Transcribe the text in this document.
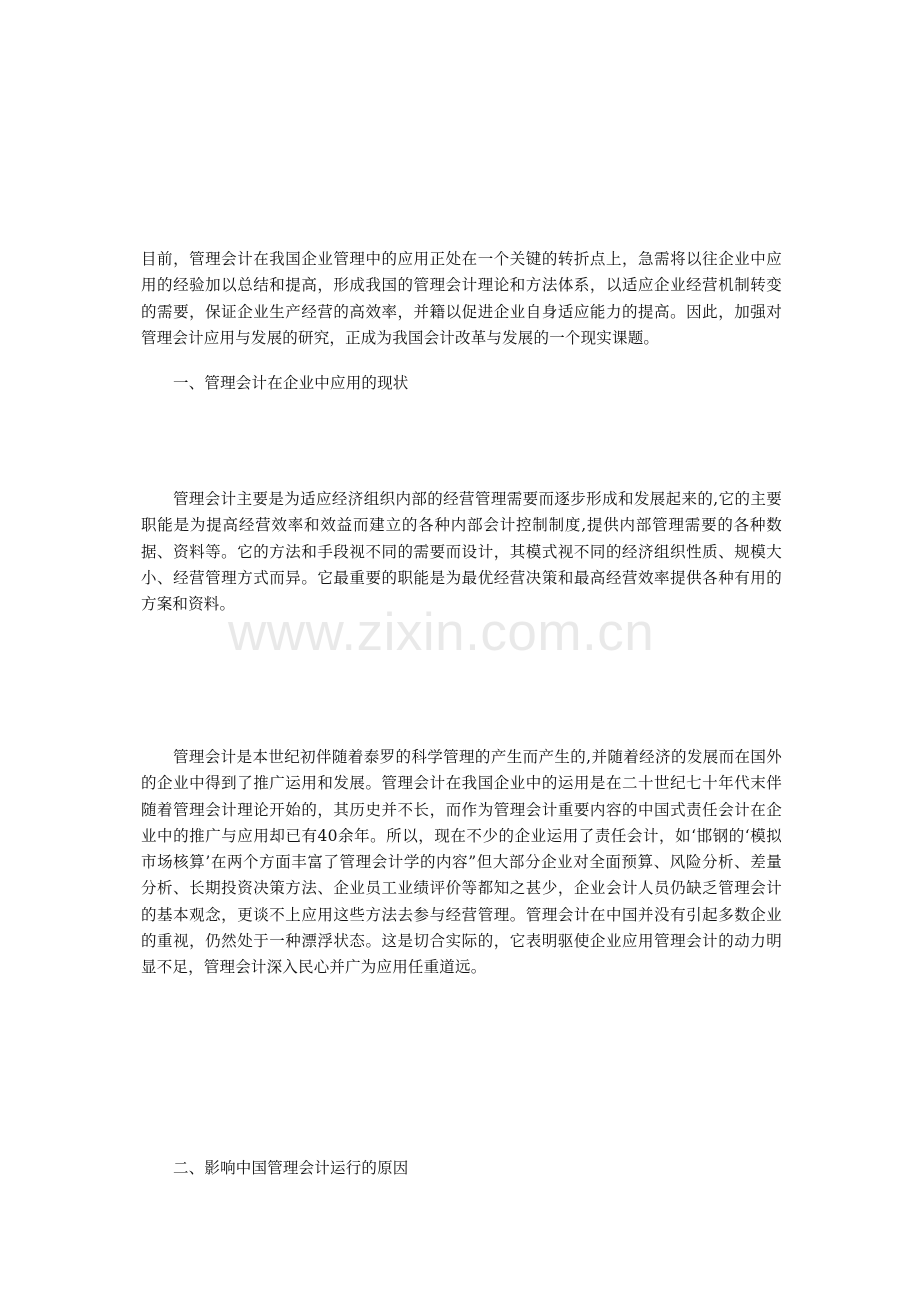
目前，管理会计在我国企业管理中的应用正处在一个关键的转折点上，急需将以往企业中应用的经验加以总结和提高，形成我国的管理会计理论和方法体系，以适应企业经营机制转变的需要，保证企业生产经营的高效率，并籍以促进企业自身适应能力的提高。因此，加强对管理会计应用与发展的研究，正成为我国会计改革与发展的一个现实课题。

一、管理会计在企业中应用的现状

管理会计主要是为适应经济组织内部的经营管理需要而逐步形成和发展起来的,它的主要职能是为提高经营效率和效益而建立的各种内部会计控制制度,提供内部管理需要的各种数据、资料等。它的方法和手段视不同的需要而设计，其模式视不同的经济组织性质、规模大小、经营管理方式而异。它最重要的职能是为最优经营决策和最高经营效率提供各种有用的方案和资料。

管理会计是本世纪初伴随着泰罗的科学管理的产生而产生的,并随着经济的发展而在国外的企业中得到了推广运用和发展。管理会计在我国企业中的运用是在二十世纪七十年代末伴随着管理会计理论开始的，其历史并不长，而作为管理会计重要内容的中国式责任会计在企业中的推广与应用却已有40余年。所以，现在不少的企业运用了责任会计，如‘邯钢的‘模拟市场核算’在两个方面丰富了管理会计学的内容”但大部分企业对全面预算、风险分析、差量分析、长期投资决策方法、企业员工业绩评价等都知之甚少，企业会计人员仍缺乏管理会计的基本观念，更谈不上应用这些方法去参与经营管理。管理会计在中国并没有引起多数企业的重视，仍然处于一种漂浮状态。这是切合实际的，它表明驱使企业应用管理会计的动力明显不足，管理会计深入民心并广为应用任重道远。

二、影响中国管理会计运行的原因

www.zixin.com.cn
